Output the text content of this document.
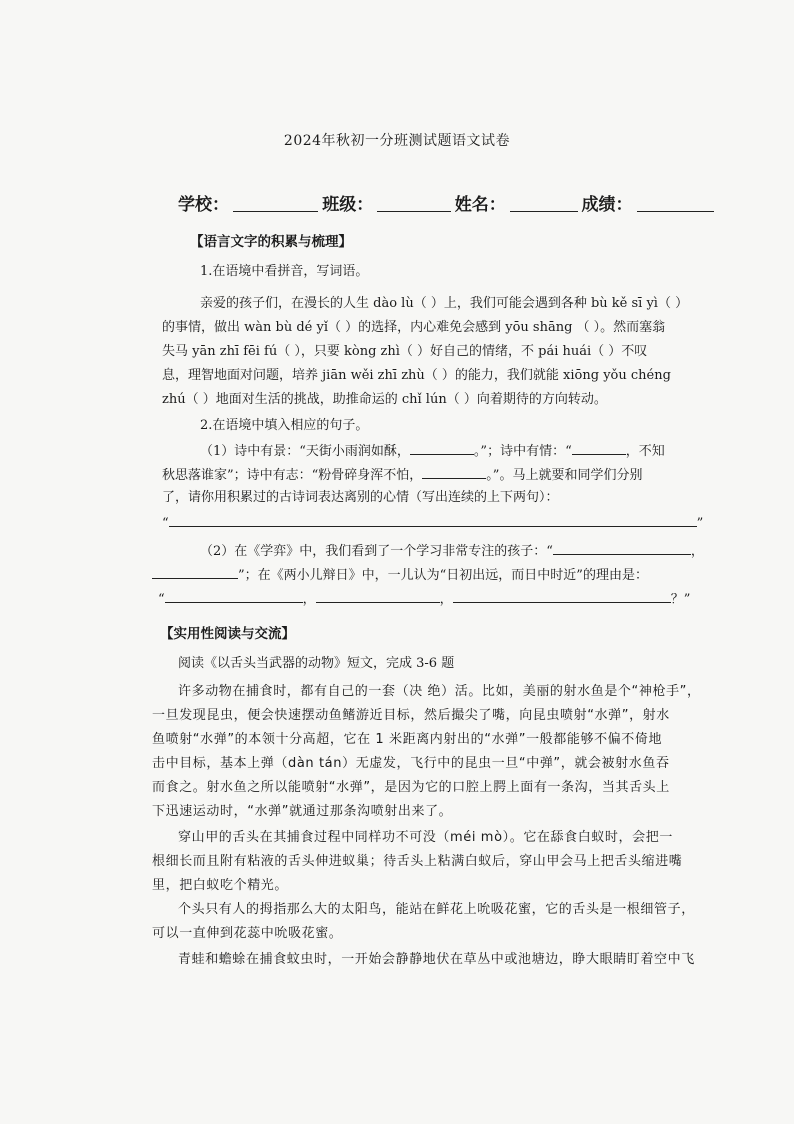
2024年秋初一分班测试题语文试卷
学校：	班级：	姓名：	成绩：
【语言文字的积累与梳理】
1.在语境中看拼音，写词语。
亲爱的孩子们，在漫长的人生 dào lù（ ）上，我们可能会遇到各种 bù kě sī yì（ ）
的事情，做出 wàn bù dé yǐ（ ）的选择，内心难免会感到 yōu shāng （ ）。然而塞翁
失马 yān zhī fēi fú（ ），只要 kòng zhì（ ）好自己的情绪，不 pái huái（ ）不叹
息，理智地面对问题，培养 jiān wěi zhī zhù（ ）的能力，我们就能 xiōng yǒu chéng
zhú（ ）地面对生活的挑战，助推命运的 chǐ lún（ ）向着期待的方向转动。
2.在语境中填入相应的句子。
（1）诗中有景：“天街小雨润如酥，	。”；诗中有情：“	，不知
秋思落谁家”；诗中有志：“粉骨碎身浑不怕，	。”。马上就要和同学们分别
了，请你用积累过的古诗词表达离别的心情（写出连续的上下两句）：
“	”
（2）在《学弈》中，我们看到了一个学习非常专注的孩子：“	，
”；在《两小儿辩日》中，一儿认为“日初出远，而日中时近”的理由是：
“	，	，	？”
【实用性阅读与交流】
阅读《以舌头当武器的动物》短文，完成 3-6 题
许多动物在捕食时，都有自己的一套（决 绝）活。比如，美丽的射水鱼是个“神枪手”，
一旦发现昆虫，便会快速摆动鱼鳍游近目标，然后撮尖了嘴，向昆虫喷射“水弹”，射水
鱼喷射“水弹”的本领十分高超，它在 1 米距离内射出的“水弹”一般都能够不偏不倚地
击中目标，基本上弹（dàn tán）无虚发，飞行中的昆虫一旦“中弹”，就会被射水鱼吞
而食之。射水鱼之所以能喷射“水弹”，是因为它的口腔上腭上面有一条沟，当其舌头上
下迅速运动时，“水弹”就通过那条沟喷射出来了。
穿山甲的舌头在其捕食过程中同样功不可没（méi mò）。它在舔食白蚁时，会把一
根细长而且附有粘液的舌头伸进蚁巢；待舌头上粘满白蚁后，穿山甲会马上把舌头缩进嘴
里，把白蚁吃个精光。
个头只有人的拇指那么大的太阳鸟，能站在鲜花上吮吸花蜜，它的舌头是一根细管子，
可以一直伸到花蕊中吮吸花蜜。
青蛙和蟾蜍在捕食蚊虫时，一开始会静静地伏在草丛中或池塘边，睁大眼睛盯着空中飞
